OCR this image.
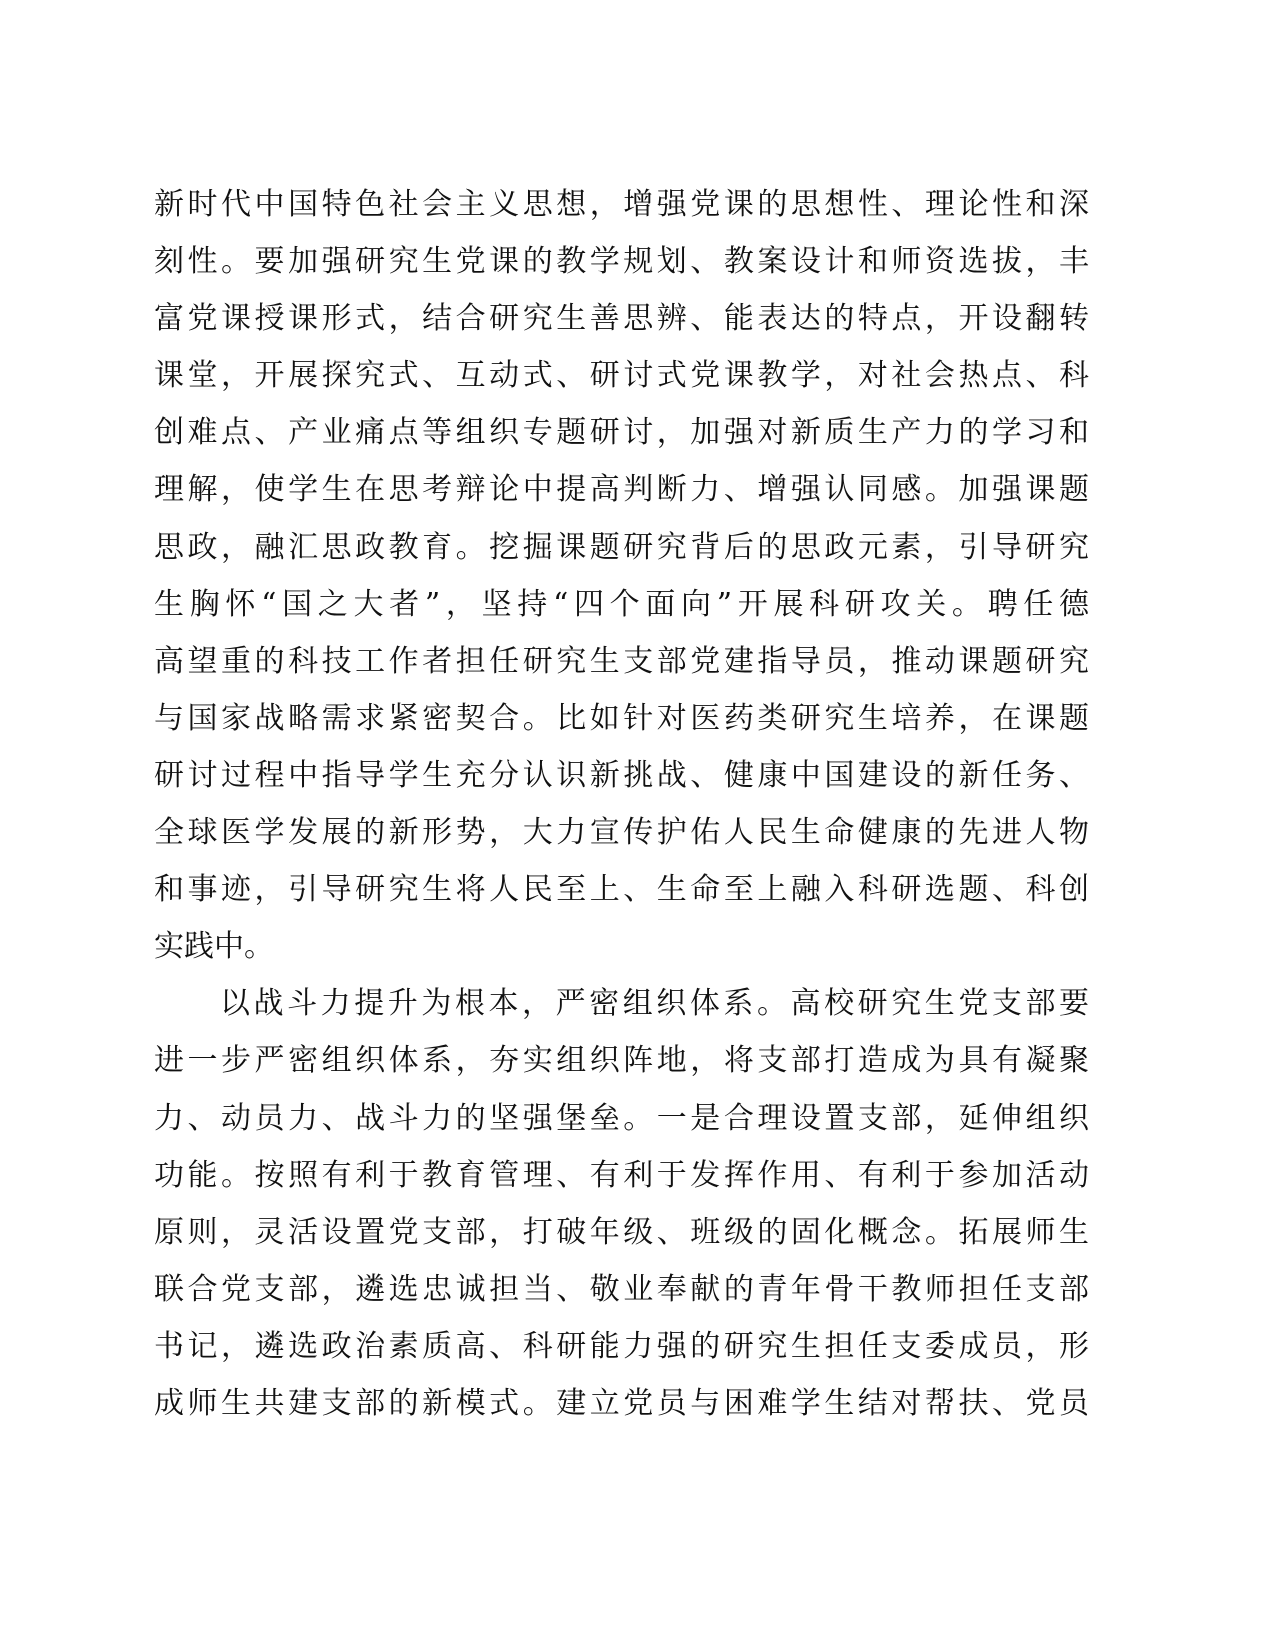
新时代中国特色社会主义思想，增强党课的思想性、理论性和深
刻性。要加强研究生党课的教学规划、教案设计和师资选拔，丰
富党课授课形式，结合研究生善思辨、能表达的特点，开设翻转
课堂，开展探究式、互动式、研讨式党课教学，对社会热点、科
创难点、产业痛点等组织专题研讨，加强对新质生产力的学习和
理解，使学生在思考辩论中提高判断力、增强认同感。加强课题
思政，融汇思政教育。挖掘课题研究背后的思政元素，引导研究
生胸怀“国之大者”，坚持“四个面向”开展科研攻关。聘任德
高望重的科技工作者担任研究生支部党建指导员，推动课题研究
与国家战略需求紧密契合。比如针对医药类研究生培养，在课题
研讨过程中指导学生充分认识新挑战、健康中国建设的新任务、
全球医学发展的新形势，大力宣传护佑人民生命健康的先进人物
和事迹，引导研究生将人民至上、生命至上融入科研选题、科创
实践中。
以战斗力提升为根本，严密组织体系。高校研究生党支部要
进一步严密组织体系，夯实组织阵地，将支部打造成为具有凝聚
力、动员力、战斗力的坚强堡垒。一是合理设置支部，延伸组织
功能。按照有利于教育管理、有利于发挥作用、有利于参加活动
原则，灵活设置党支部，打破年级、班级的固化概念。拓展师生
联合党支部，遴选忠诚担当、敬业奉献的青年骨干教师担任支部
书记，遴选政治素质高、科研能力强的研究生担任支委成员，形
成师生共建支部的新模式。建立党员与困难学生结对帮扶、党员
